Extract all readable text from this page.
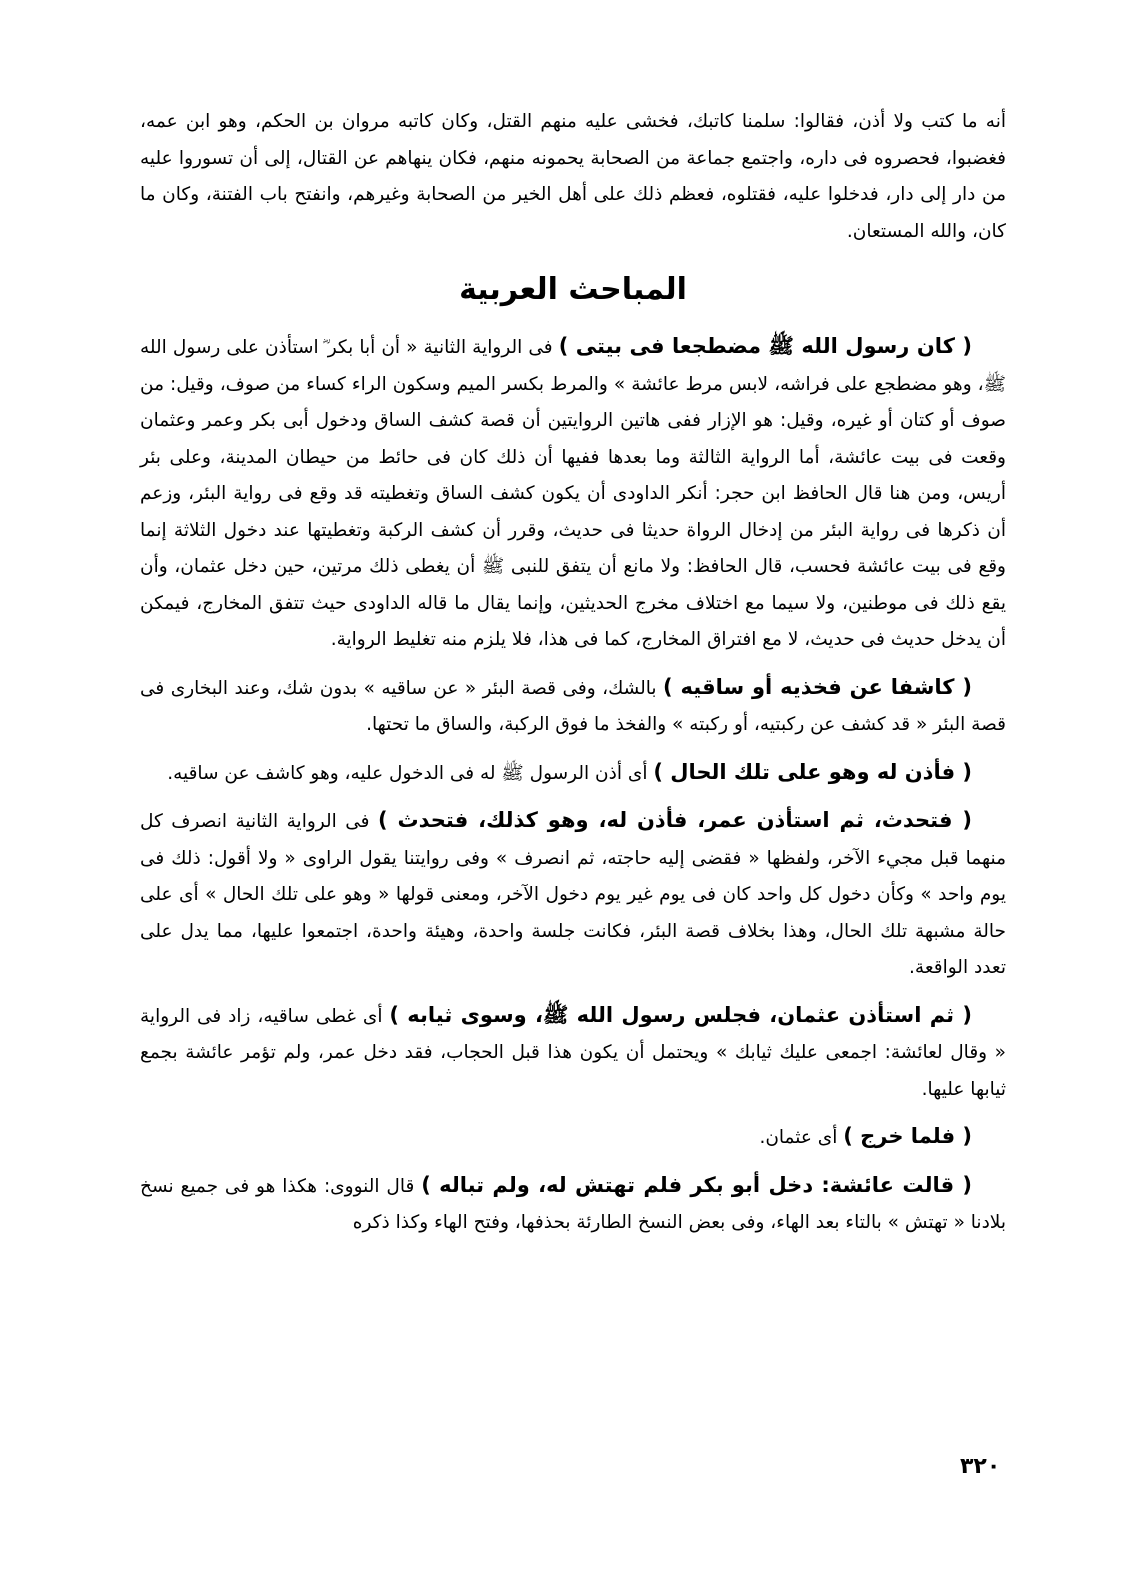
أنه ما كتب ولا أذن، فقالوا: سلمنا كاتبك، فخشى عليه منهم القتل، وكان كاتبه مروان بن الحكم، وهو ابن عمه، فغضبوا، فحصروه فى داره، واجتمع جماعة من الصحابة يحمونه منهم، فكان ينهاهم عن القتال، إلى أن تسوروا عليه من دار إلى دار، فدخلوا عليه، فقتلوه، فعظم ذلك على أهل الخير من الصحابة وغيرهم، وانفتح باب الفتنة، وكان ما كان، والله المستعان.

المباحث العربية

( كان رسول الله ﷺ مضطجعا فى بيتى ) فى الرواية الثانية « أن أبا بكر ؓ استأذن على رسول الله ﷺ، وهو مضطجع على فراشه، لابس مرط عائشة » والمرط بكسر الميم وسكون الراء كساء من صوف، وقيل: من صوف أو كتان أو غيره، وقيل: هو الإزار ففى هاتين الروايتين أن قصة كشف الساق ودخول أبى بكر وعمر وعثمان وقعت فى بيت عائشة، أما الرواية الثالثة وما بعدها ففيها أن ذلك كان فى حائط من حيطان المدينة، وعلى بئر أريس، ومن هنا قال الحافظ ابن حجر: أنكر الداودى أن يكون كشف الساق وتغطيته قد وقع فى رواية البئر، وزعم أن ذكرها فى رواية البئر من إدخال الرواة حديثا فى حديث، وقرر أن كشف الركبة وتغطيتها عند دخول الثلاثة إنما وقع فى بيت عائشة فحسب، قال الحافظ: ولا مانع أن يتفق للنبى ﷺ أن يغطى ذلك مرتين، حين دخل عثمان، وأن يقع ذلك فى موطنين، ولا سيما مع اختلاف مخرج الحديثين، وإنما يقال ما قاله الداودى حيث تتفق المخارج، فيمكن أن يدخل حديث فى حديث، لا مع افتراق المخارج، كما فى هذا، فلا يلزم منه تغليط الرواية.

( كاشفا عن فخذيه أو ساقيه ) بالشك، وفى قصة البئر « عن ساقيه » بدون شك، وعند البخارى فى قصة البئر « قد كشف عن ركبتيه، أو ركبته » والفخذ ما فوق الركبة، والساق ما تحتها.

( فأذن له وهو على تلك الحال ) أى أذن الرسول ﷺ له فى الدخول عليه، وهو كاشف عن ساقيه.

( فتحدث، ثم استأذن عمر، فأذن له، وهو كذلك، فتحدث ) فى الرواية الثانية انصرف كل منهما قبل مجيء الآخر، ولفظها « فقضى إليه حاجته، ثم انصرف » وفى روايتنا يقول الراوى « ولا أقول: ذلك فى يوم واحد » وكأن دخول كل واحد كان فى يوم غير يوم دخول الآخر، ومعنى قولها « وهو على تلك الحال » أى على حالة مشبهة تلك الحال، وهذا بخلاف قصة البئر، فكانت جلسة واحدة، وهيئة واحدة، اجتمعوا عليها، مما يدل على تعدد الواقعة.

( ثم استأذن عثمان، فجلس رسول الله ﷺ، وسوى ثيابه ) أى غطى ساقيه، زاد فى الرواية « وقال لعائشة: اجمعى عليك ثيابك » ويحتمل أن يكون هذا قبل الحجاب، فقد دخل عمر، ولم تؤمر عائشة بجمع ثيابها عليها.

( فلما خرج ) أى عثمان.

( قالت عائشة: دخل أبو بكر فلم تهتش له، ولم تباله ) قال النووى: هكذا هو فى جميع نسخ بلادنا « تهتش » بالتاء بعد الهاء، وفى بعض النسخ الطارئة بحذفها، وفتح الهاء وكذا ذكره

٣٢٠
